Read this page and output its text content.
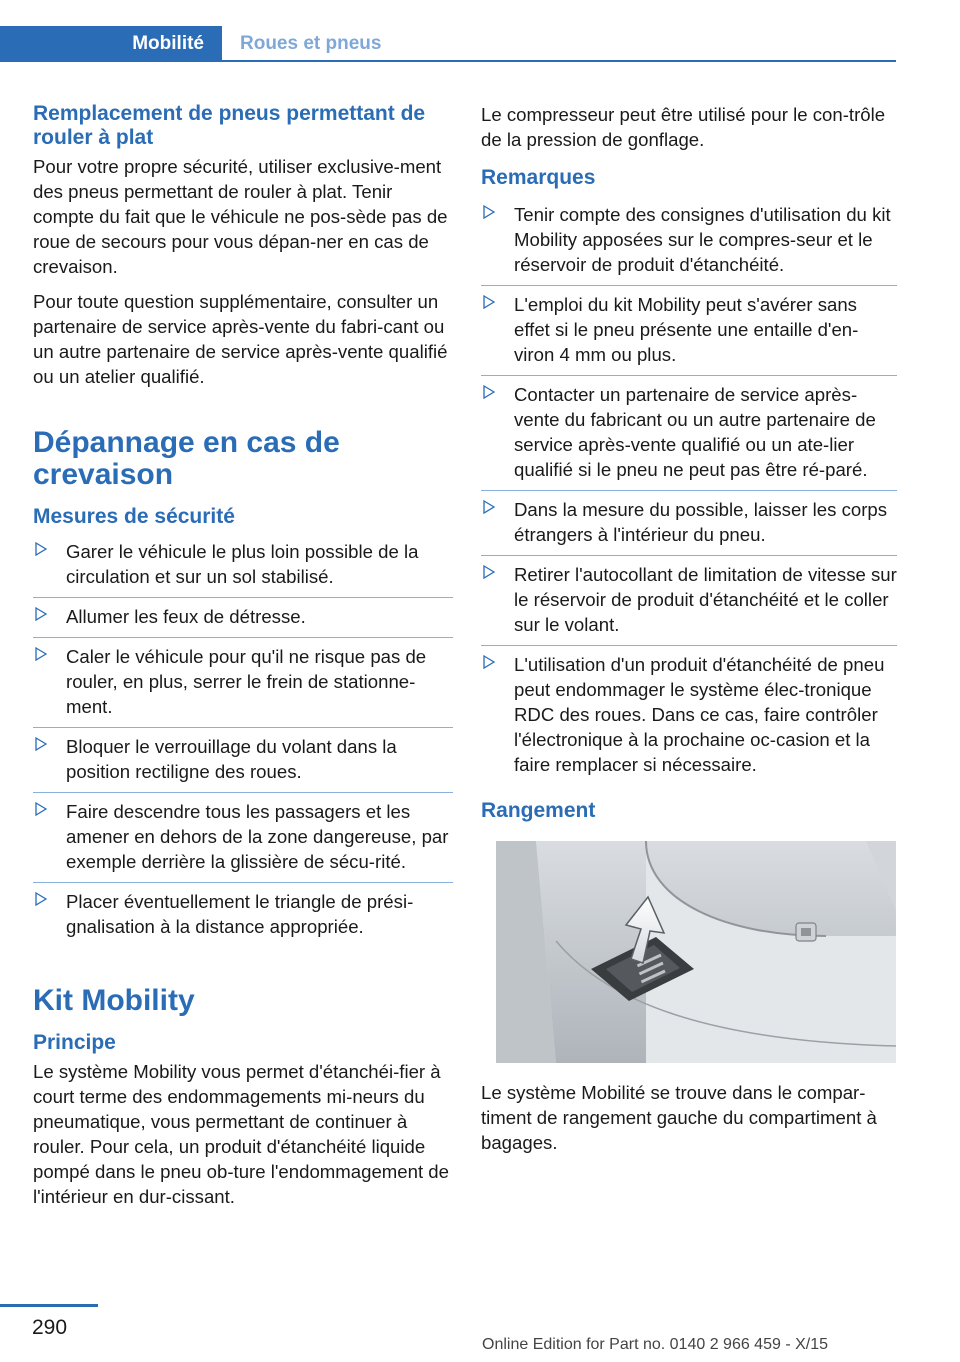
Mobilité	Roues et pneus
Remplacement de pneus permettant de rouler à plat

Pour votre propre sécurité, utiliser exclusive-ment des pneus permettant de rouler à plat. Tenir compte du fait que le véhicule ne pos-sède pas de roue de secours pour vous dépan-ner en cas de crevaison.

Pour toute question supplémentaire, consulter un partenaire de service après-vente du fabri-cant ou un autre partenaire de service après-vente qualifié ou un atelier qualifié.

Dépannage en cas de crevaison
Mesures de sécurité
Garer le véhicule le plus loin possible de la circulation et sur un sol stabilisé.
Allumer les feux de détresse.
Caler le véhicule pour qu'il ne risque pas de rouler, en plus, serrer le frein de stationne-ment.
Bloquer le verrouillage du volant dans la position rectiligne des roues.
Faire descendre tous les passagers et les amener en dehors de la zone dangereuse, par exemple derrière la glissière de sécu-rité.
Placer éventuellement le triangle de prési-gnalisation à la distance appropriée.
Kit Mobility
Principe

Le système Mobility vous permet d'étanchéi-fier à court terme des endommagements mi-neurs du pneumatique, vous permettant de continuer à rouler. Pour cela, un produit d'étanchéité liquide pompé dans le pneu ob-ture l'endommagement de l'intérieur en dur-cissant.

Le compresseur peut être utilisé pour le con-trôle de la pression de gonflage.

Remarques
Tenir compte des consignes d'utilisation du kit Mobility apposées sur le compres-seur et le réservoir de produit d'étanchéité.
L'emploi du kit Mobility peut s'avérer sans effet si le pneu présente une entaille d'en-viron 4 mm ou plus.
Contacter un partenaire de service après-vente du fabricant ou un autre partenaire de service après-vente qualifié ou un ate-lier qualifié si le pneu ne peut pas être ré-paré.
Dans la mesure du possible, laisser les corps étrangers à l'intérieur du pneu.
Retirer l'autocollant de limitation de vitesse sur le réservoir de produit d'étanchéité et le coller sur le volant.
L'utilisation d'un produit d'étanchéité de pneu peut endommager le système élec-tronique RDC des roues. Dans ce cas, faire contrôler l'électronique à la prochaine oc-casion et la faire remplacer si nécessaire.
Rangement

Le système Mobilité se trouve dans le compar-timent de rangement gauche du compartiment à bagages.

290
Online Edition for Part no. 0140 2 966 459 - X/15
